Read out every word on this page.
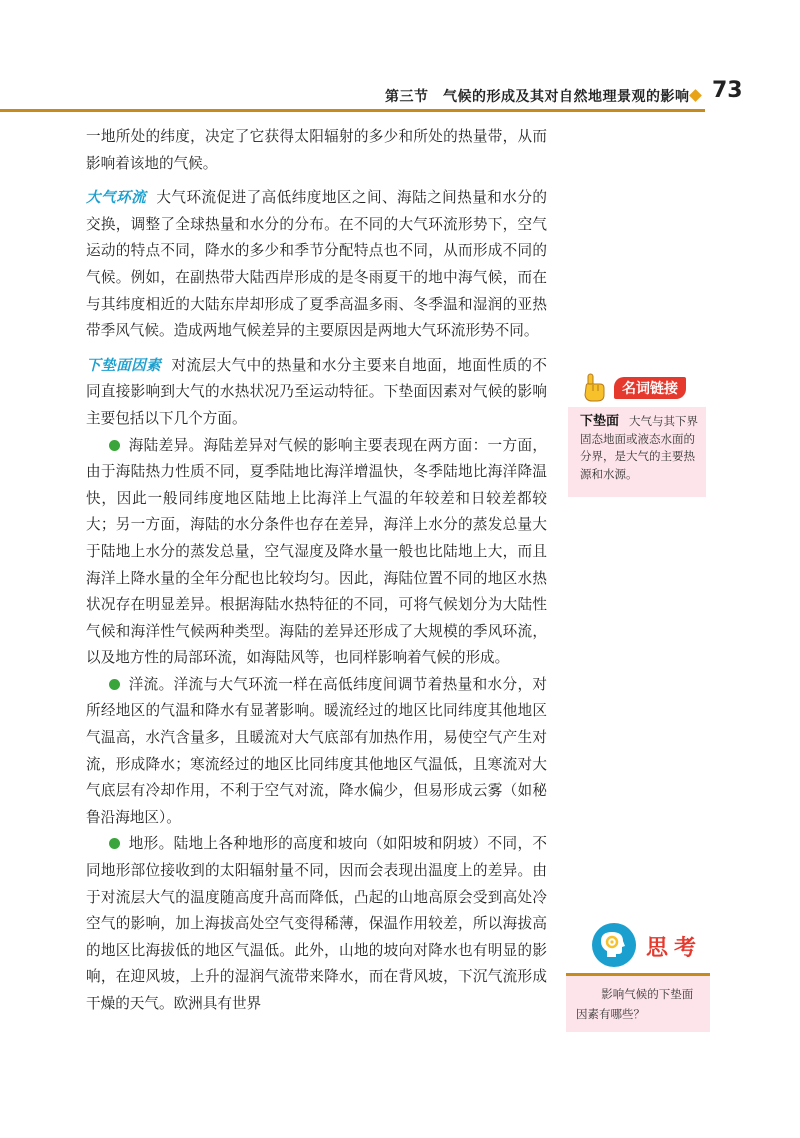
第三节　气候的形成及其对自然地理景观的影响 73

一地所处的纬度，决定了它获得太阳辐射的多少和所处的热量带，从而影响着该地的气候。

大气环流 大气环流促进了高低纬度地区之间、海陆之间热量和水分的交换，调整了全球热量和水分的分布。在不同的大气环流形势下，空气运动的特点不同，降水的多少和季节分配特点也不同，从而形成不同的气候。例如，在副热带大陆西岸形成的是冬雨夏干的地中海气候，而在与其纬度相近的大陆东岸却形成了夏季高温多雨、冬季温和湿润的亚热带季风气候。造成两地气候差异的主要原因是两地大气环流形势不同。

下垫面因素 对流层大气中的热量和水分主要来自地面，地面性质的不同直接影响到大气的水热状况乃至运动特征。下垫面因素对气候的影响主要包括以下几个方面。

海陆差异。海陆差异对气候的影响主要表现在两方面：一方面，由于海陆热力性质不同，夏季陆地比海洋增温快，冬季陆地比海洋降温快，因此一般同纬度地区陆地上比海洋上气温的年较差和日较差都较大；另一方面，海陆的水分条件也存在差异，海洋上水分的蒸发总量大于陆地上水分的蒸发总量，空气湿度及降水量一般也比陆地上大，而且海洋上降水量的全年分配也比较均匀。因此，海陆位置不同的地区水热状况存在明显差异。根据海陆水热特征的不同，可将气候划分为大陆性气候和海洋性气候两种类型。海陆的差异还形成了大规模的季风环流，以及地方性的局部环流，如海陆风等，也同样影响着气候的形成。

洋流。洋流与大气环流一样在高低纬度间调节着热量和水分，对所经地区的气温和降水有显著影响。暖流经过的地区比同纬度其他地区气温高，水汽含量多，且暖流对大气底部有加热作用，易使空气产生对流，形成降水；寒流经过的地区比同纬度其他地区气温低，且寒流对大气底层有冷却作用，不利于空气对流，降水偏少，但易形成云雾（如秘鲁沿海地区）。

地形。陆地上各种地形的高度和坡向（如阳坡和阴坡）不同，不同地形部位接收到的太阳辐射量不同，因而会表现出温度上的差异。由于对流层大气的温度随高度升高而降低，凸起的山地高原会受到高处冷空气的影响，加上海拔高处空气变得稀薄，保温作用较差，所以海拔高的地区比海拔低的地区气温低。此外，山地的坡向对降水也有明显的影响，在迎风坡，上升的湿润气流带来降水，而在背风坡，下沉气流形成干燥的天气。欧洲具有世界

名词链接
下垫面 大气与其下界固态地面或液态水面的分界，是大气的主要热源和水源。
思考
影响气候的下垫面因素有哪些？
